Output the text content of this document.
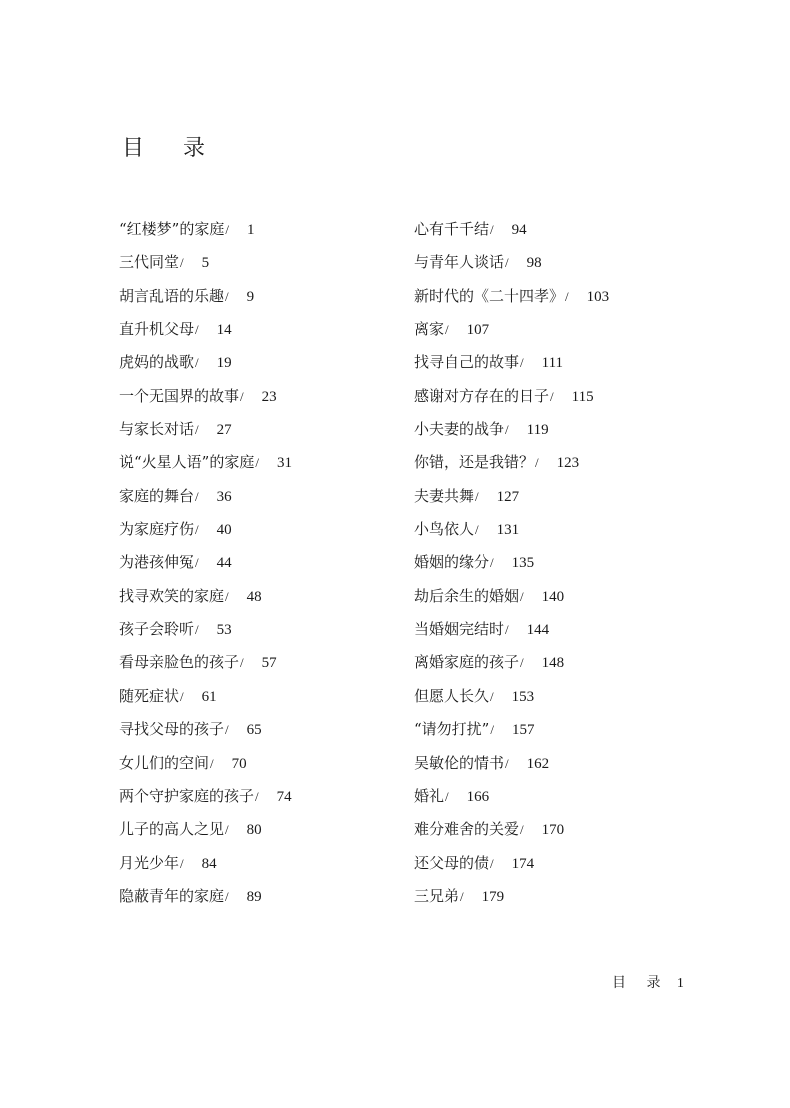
目 录
“红楼梦”的家庭/ 1
三代同堂/ 5
胡言乱语的乐趣/ 9
直升机父母/ 14
虎妈的战歌/ 19
一个无国界的故事/ 23
与家长对话/ 27
说“火星人语”的家庭/ 31
家庭的舞台/ 36
为家庭疗伤/ 40
为港孩伸冤/ 44
找寻欢笑的家庭/ 48
孩子会聆听/ 53
看母亲脸色的孩子/ 57
随死症状/ 61
寻找父母的孩子/ 65
女儿们的空间/ 70
两个守护家庭的孩子/ 74
儿子的高人之见/ 80
月光少年/ 84
隐蔽青年的家庭/ 89
心有千千结/ 94
与青年人谈话/ 98
新时代的《二十四孝》/ 103
离家/ 107
找寻自己的故事/ 111
感谢对方存在的日子/ 115
小夫妻的战争/ 119
你错，还是我错？/ 123
夫妻共舞/ 127
小鸟依人/ 131
婚姻的缘分/ 135
劫后余生的婚姻/ 140
当婚姻完结时/ 144
离婚家庭的孩子/ 148
但愿人长久/ 153
“请勿打扰”/ 157
吴敏伦的情书/ 162
婚礼/ 166
难分难舍的关爱/ 170
还父母的债/ 174
三兄弟/ 179
目 录 1
